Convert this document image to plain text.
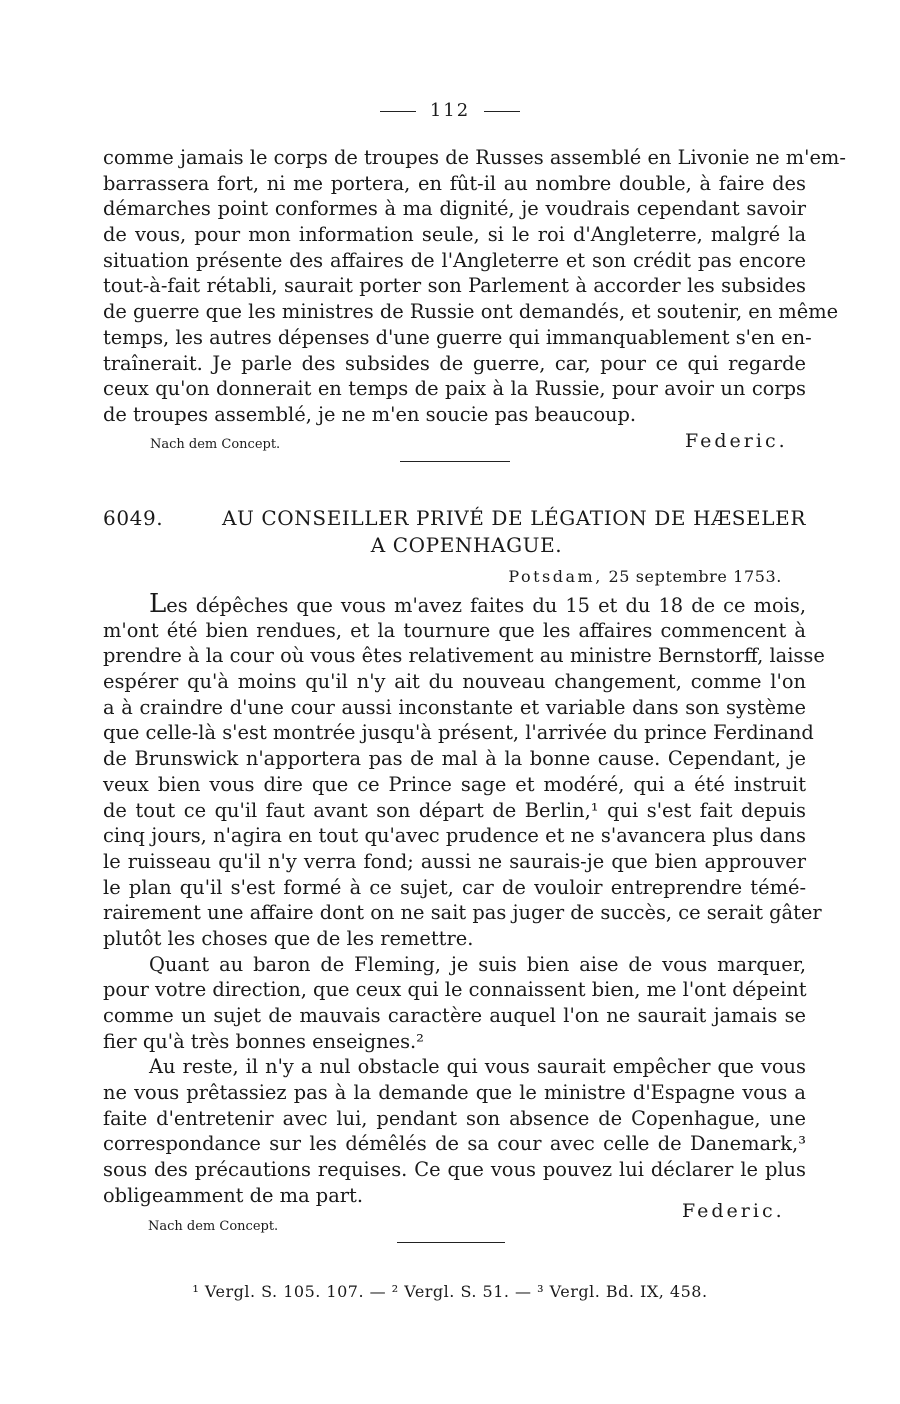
112
comme jamais le corps de troupes de Russes assemblé en Livonie ne m'em-
barrassera fort, ni me portera, en fût-il au nombre double, à faire des
démarches point conformes à ma dignité, je voudrais cependant savoir
de vous, pour mon information seule, si le roi d'Angleterre, malgré la
situation présente des affaires de l'Angleterre et son crédit pas encore
tout-à-fait rétabli, saurait porter son Parlement à accorder les subsides
de guerre que les ministres de Russie ont demandés, et soutenir, en même
temps, les autres dépenses d'une guerre qui immanquablement s'en en-
traînerait. Je parle des subsides de guerre, car, pour ce qui regarde
ceux qu'on donnerait en temps de paix à la Russie, pour avoir un corps
de troupes assemblé, je ne m'en soucie pas beaucoup.
Nach dem Concept.	Federic.
6049.	AU CONSEILLER PRIVÉ DE LÉGATION DE HÆSELER
A COPENHAGUE.
Potsdam, 25 septembre 1753.
Les dépêches que vous m'avez faites du 15 et du 18 de ce mois,
m'ont été bien rendues, et la tournure que les affaires commencent à
prendre à la cour où vous êtes relativement au ministre Bernstorff, laisse
espérer qu'à moins qu'il n'y ait du nouveau changement, comme l'on
a à craindre d'une cour aussi inconstante et variable dans son système
que celle-là s'est montrée jusqu'à présent, l'arrivée du prince Ferdinand
de Brunswick n'apportera pas de mal à la bonne cause. Cependant, je
veux bien vous dire que ce Prince sage et modéré, qui a été instruit
de tout ce qu'il faut avant son départ de Berlin,¹ qui s'est fait depuis
cinq jours, n'agira en tout qu'avec prudence et ne s'avancera plus dans
le ruisseau qu'il n'y verra fond; aussi ne saurais-je que bien approuver
le plan qu'il s'est formé à ce sujet, car de vouloir entreprendre témé-
rairement une affaire dont on ne sait pas juger de succès, ce serait gâter
plutôt les choses que de les remettre.
Quant au baron de Fleming, je suis bien aise de vous marquer,
pour votre direction, que ceux qui le connaissent bien, me l'ont dépeint
comme un sujet de mauvais caractère auquel l'on ne saurait jamais se
fier qu'à très bonnes enseignes.²
Au reste, il n'y a nul obstacle qui vous saurait empêcher que vous
ne vous prêtassiez pas à la demande que le ministre d'Espagne vous a
faite d'entretenir avec lui, pendant son absence de Copenhague, une
correspondance sur les démêlés de sa cour avec celle de Danemark,³
sous des précautions requises. Ce que vous pouvez lui déclarer le plus
obligeamment de ma part.
Nach dem Concept.
Federic.
¹ Vergl. S. 105. 107. — ² Vergl. S. 51. — ³ Vergl. Bd. IX, 458.
